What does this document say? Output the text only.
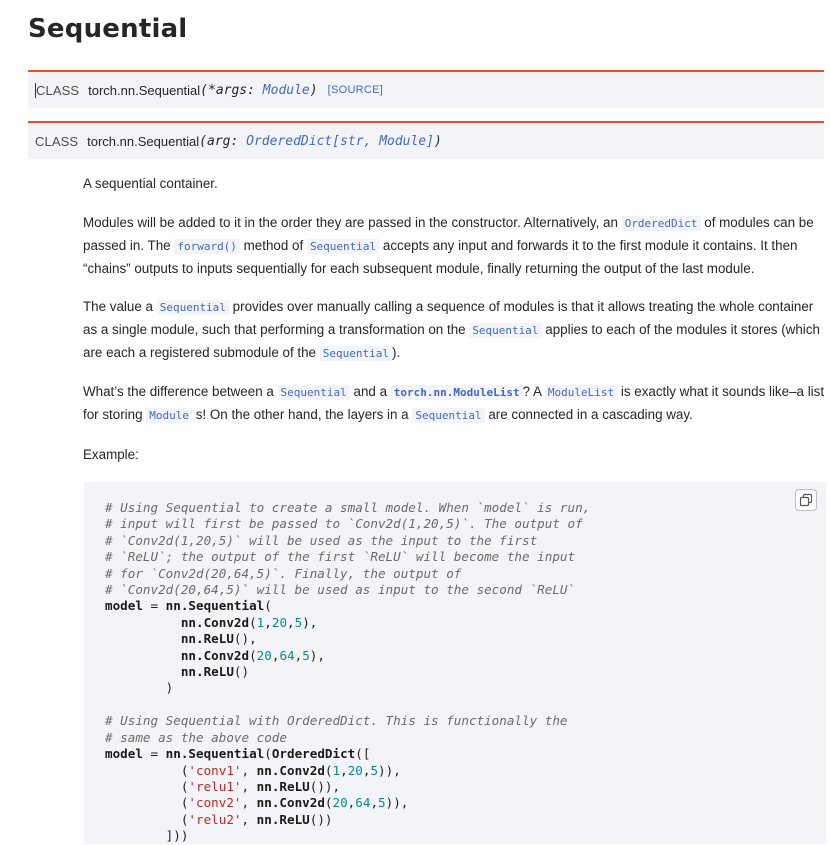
Sequential
CLASS torch.nn.Sequential (*args: Module) [SOURCE]
CLASS torch.nn.Sequential (arg: OrderedDict[str, Module])

A sequential container.

Modules will be added to it in the order they are passed in the constructor. Alternatively, an OrderedDict of modules can be passed in. The forward() method of Sequential accepts any input and forwards it to the first module it contains. It then “chains” outputs to inputs sequentially for each subsequent module, finally returning the output of the last module.

The value a Sequential provides over manually calling a sequence of modules is that it allows treating the whole container as a single module, such that performing a transformation on the Sequential applies to each of the modules it stores (which are each a registered submodule of the Sequential ).

What’s the difference between a Sequential and a torch.nn.ModuleList ? A ModuleList is exactly what it sounds like–a list for storing Module s! On the other hand, the layers in a Sequential are connected in a cascading way.

Example:

# Using Sequential to create a small model. When `model` is run,
# input will first be passed to `Conv2d(1,20,5)`. The output of
# `Conv2d(1,20,5)` will be used as the input to the first
# `ReLU`; the output of the first `ReLU` will become the input
# for `Conv2d(20,64,5)`. Finally, the output of
# `Conv2d(20,64,5)` will be used as input to the second `ReLU`
model = nn.Sequential(
nn.Conv2d(1,20,5),
nn.ReLU(),
nn.Conv2d(20,64,5),
nn.ReLU()
)

# Using Sequential with OrderedDict. This is functionally the
# same as the above code
model = nn.Sequential(OrderedDict([
('conv1', nn.Conv2d(1,20,5)),
('relu1', nn.ReLU()),
('conv2', nn.Conv2d(20,64,5)),
('relu2', nn.ReLU())
]))
